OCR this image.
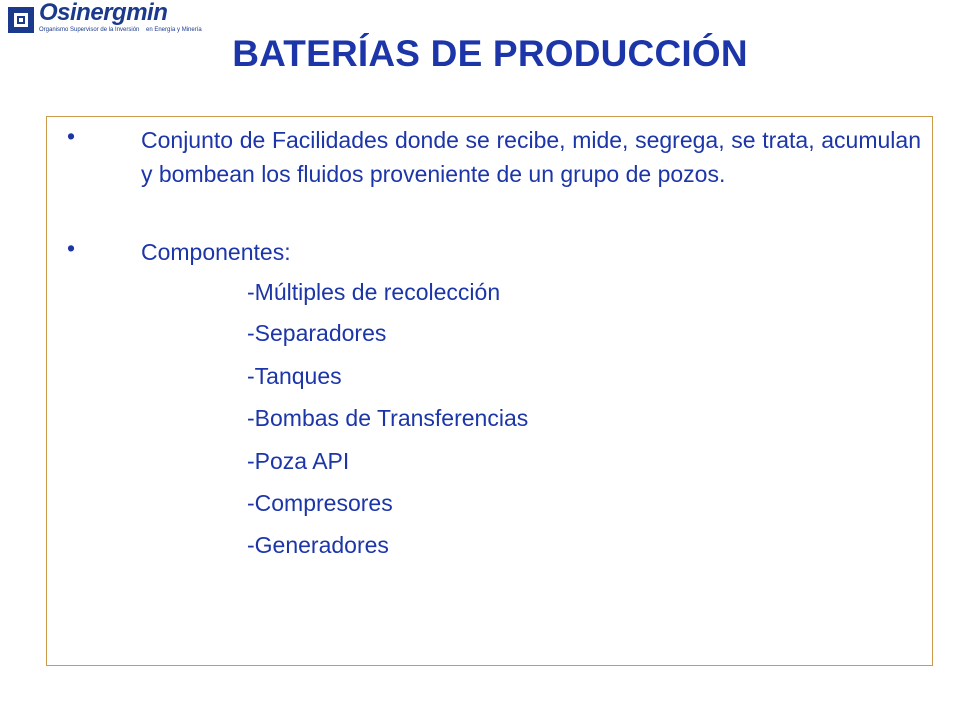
Osinergmin
Organismo Supervisor de la Inversión en Energía y Minería
BATERÍAS DE PRODUCCIÓN
•	Conjunto de Facilidades donde se recibe, mide, segrega, se trata, acumulan y bombean los fluidos proveniente de un grupo de pozos.
•	Componentes:
-Múltiples de recolección
-Separadores
-Tanques
-Bombas de Transferencias
-Poza API
-Compresores
-Generadores
